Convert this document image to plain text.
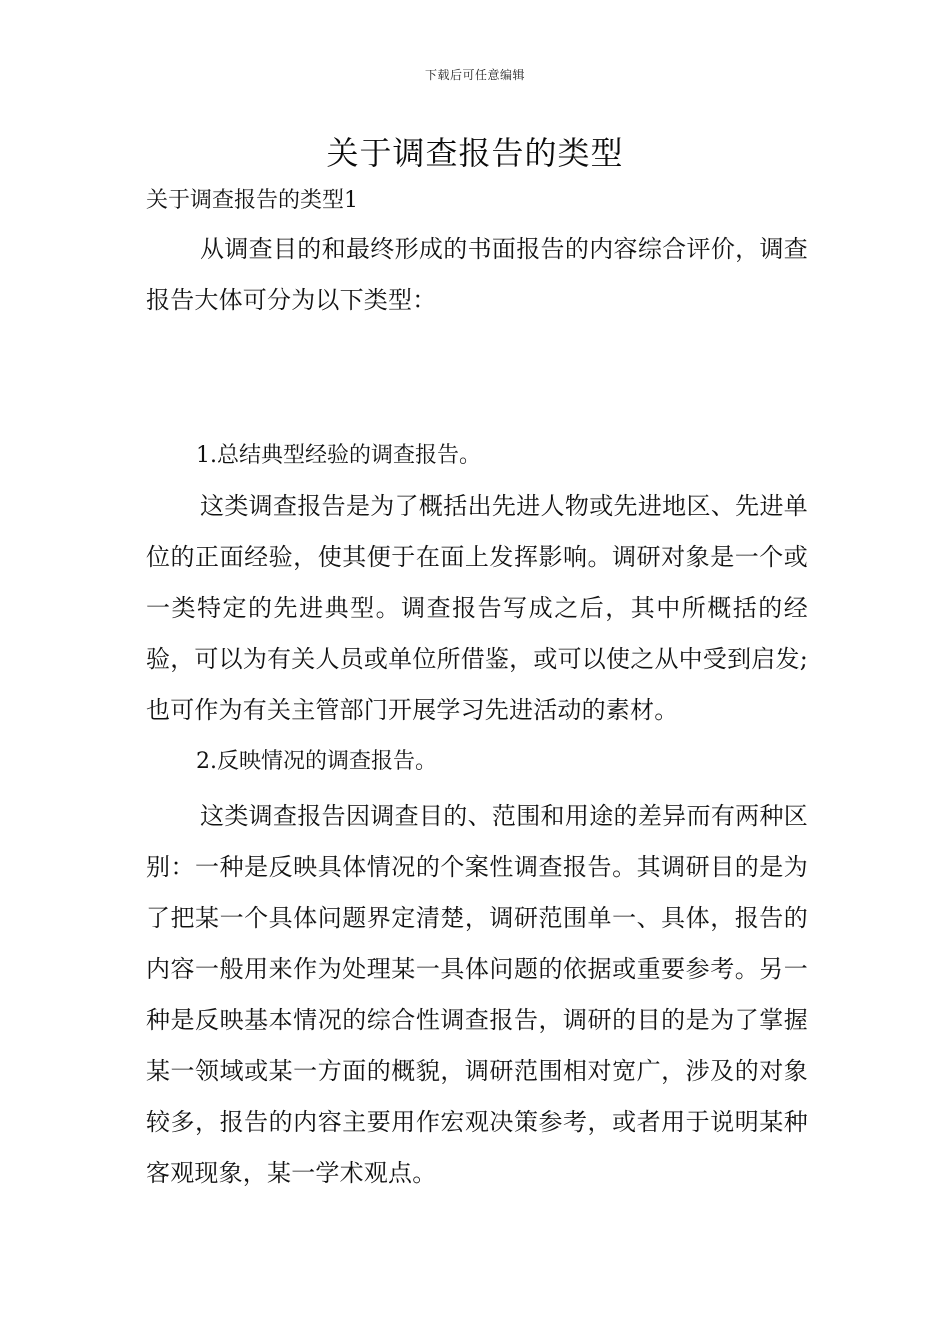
下载后可任意编辑
关于调查报告的类型
关于调查报告的类型1

从调查目的和最终形成的书面报告的内容综合评价，调查报告大体可分为以下类型：

1.总结典型经验的调查报告。

这类调查报告是为了概括出先进人物或先进地区、先进单位的正面经验，使其便于在面上发挥影响。调研对象是一个或一类特定的先进典型。调查报告写成之后，其中所概括的经验，可以为有关人员或单位所借鉴，或可以使之从中受到启发;也可作为有关主管部门开展学习先进活动的素材。

2.反映情况的调查报告。

这类调查报告因调查目的、范围和用途的差异而有两种区别：一种是反映具体情况的个案性调查报告。其调研目的是为了把某一个具体问题界定清楚，调研范围单一、具体，报告的内容一般用来作为处理某一具体问题的依据或重要参考。另一种是反映基本情况的综合性调查报告，调研的目的是为了掌握某一领域或某一方面的概貌，调研范围相对宽广，涉及的对象较多，报告的内容主要用作宏观决策参考，或者用于说明某种客观现象，某一学术观点。
